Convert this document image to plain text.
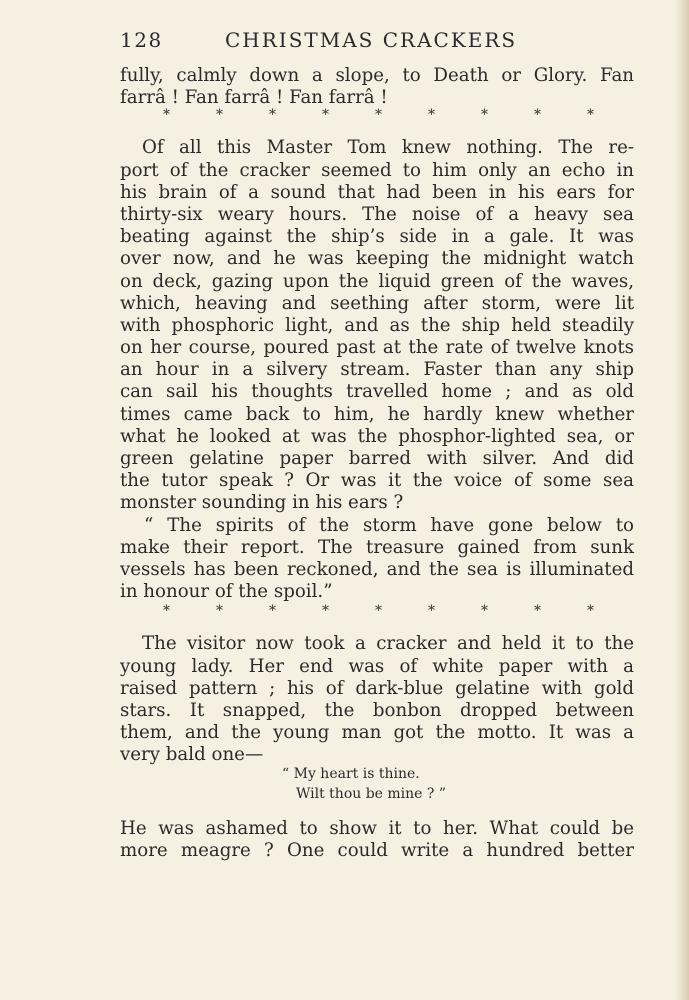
128	CHRISTMAS CRACKERS
fully, calmly down a slope, to Death or Glory. Fan
farrâ ! Fan farrâ ! Fan farrâ !
*	*	*	*	*	*	*	*	*
Of all this Master Tom knew nothing. The re-
port of the cracker seemed to him only an echo in
his brain of a sound that had been in his ears for
thirty-six weary hours. The noise of a heavy sea
beating against the ship’s side in a gale. It was
over now, and he was keeping the midnight watch
on deck, gazing upon the liquid green of the waves,
which, heaving and seething after storm, were lit
with phosphoric light, and as the ship held steadily
on her course, poured past at the rate of twelve knots
an hour in a silvery stream. Faster than any ship
can sail his thoughts travelled home ; and as old
times came back to him, he hardly knew whether
what he looked at was the phosphor-lighted sea, or
green gelatine paper barred with silver. And did
the tutor speak ? Or was it the voice of some sea
monster sounding in his ears ?
“ The spirits of the storm have gone below to
make their report. The treasure gained from sunk
vessels has been reckoned, and the sea is illuminated
in honour of the spoil.”
*	*	*	*	*	*	*	*	*
The visitor now took a cracker and held it to the
young lady. Her end was of white paper with a
raised pattern ; his of dark-blue gelatine with gold
stars. It snapped, the bonbon dropped between
them, and the young man got the motto. It was a
very bald one—
“ My heart is thine.
Wilt thou be mine ? ”
He was ashamed to show it to her. What could be
more meagre ? One could write a hundred better
